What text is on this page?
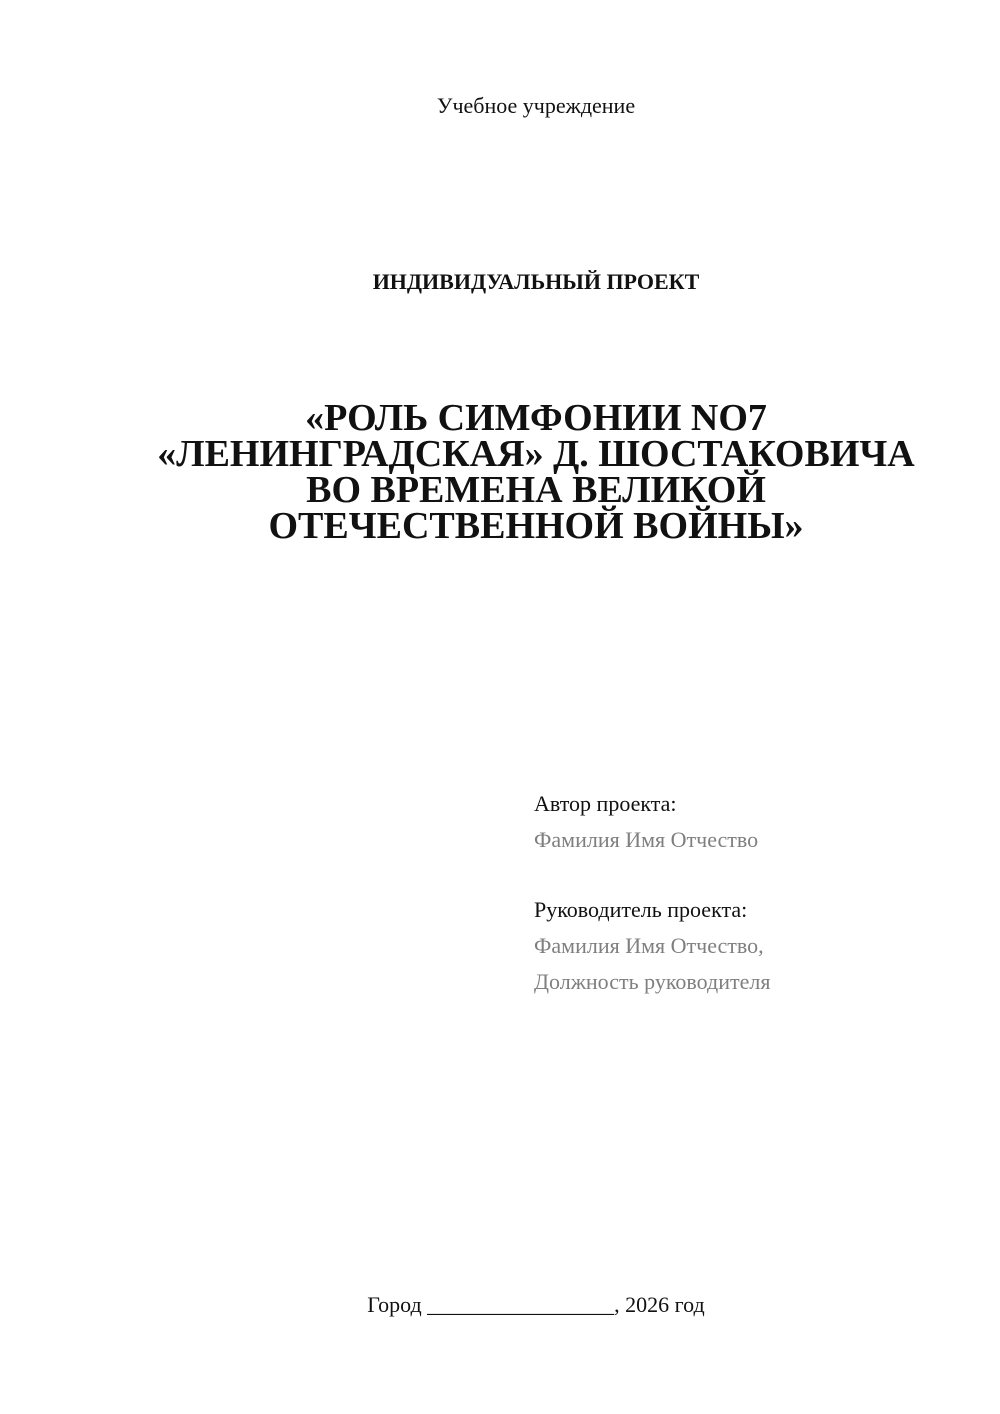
Учебное учреждение
ИНДИВИДУАЛЬНЫЙ ПРОЕКТ
«РОЛЬ СИМФОНИИ NO7
«ЛЕНИНГРАДСКАЯ» Д. ШОСТАКОВИЧА
ВО ВРЕМЕНА ВЕЛИКОЙ
ОТЕЧЕСТВЕННОЙ ВОЙНЫ»
Автор проекта:
Фамилия Имя Отчество
Руководитель проекта:
Фамилия Имя Отчество,
Должность руководителя
Город _________________, 2026 год
